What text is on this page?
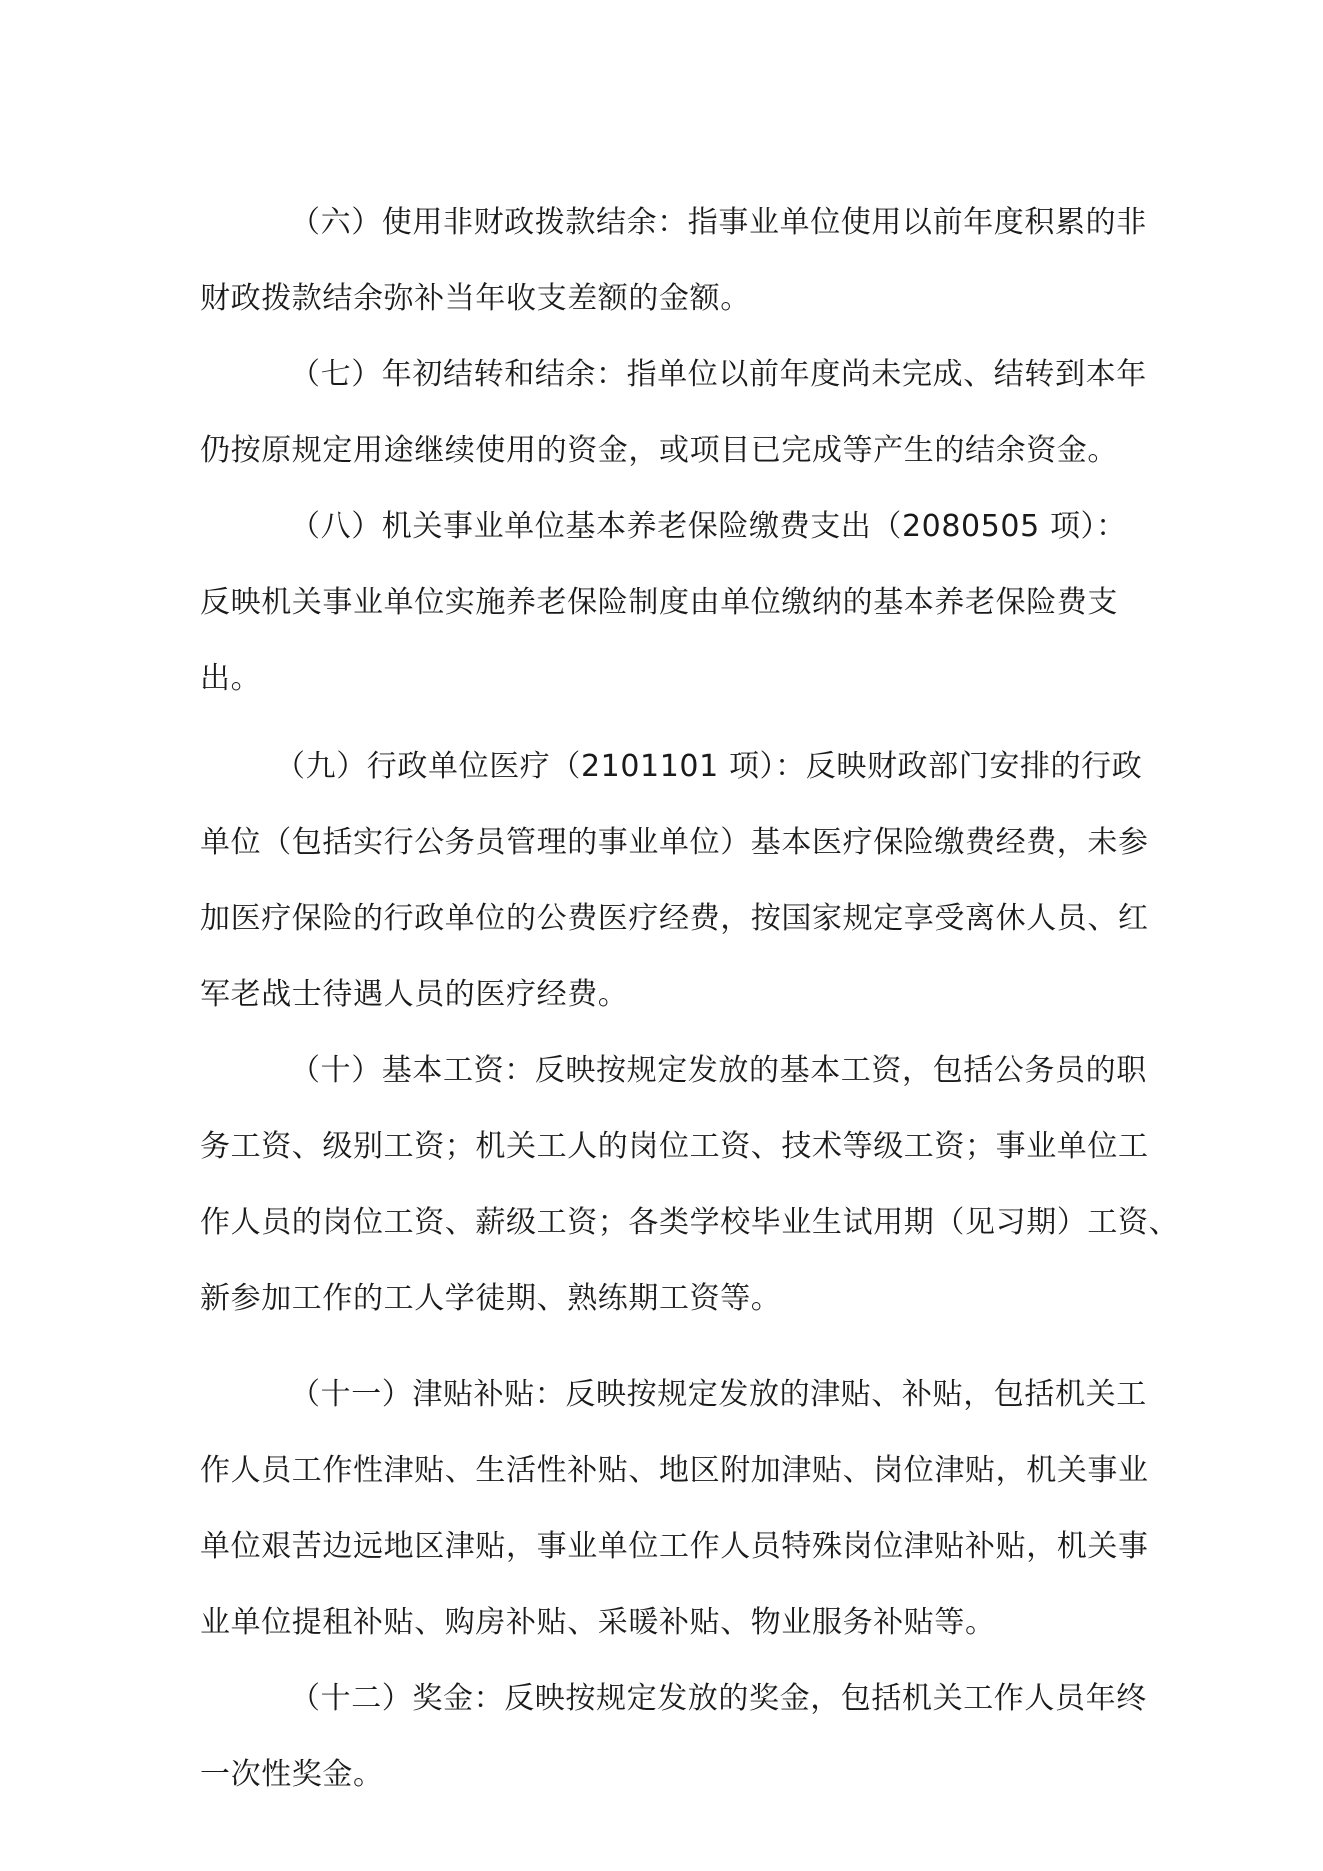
（六）使用非财政拨款结余：指事业单位使用以前年度积累的非
财政拨款结余弥补当年收支差额的金额。

（七）年初结转和结余：指单位以前年度尚未完成、结转到本年
仍按原规定用途继续使用的资金，或项目已完成等产生的结余资金。

（八）机关事业单位基本养老保险缴费支出（2080505 项）：
反映机关事业单位实施养老保险制度由单位缴纳的基本养老保险费支
出。

（九）行政单位医疗（2101101 项）：反映财政部门安排的行政
单位（包括实行公务员管理的事业单位）基本医疗保险缴费经费，未参
加医疗保险的行政单位的公费医疗经费，按国家规定享受离休人员、红
军老战士待遇人员的医疗经费。

（十）基本工资：反映按规定发放的基本工资，包括公务员的职
务工资、级别工资；机关工人的岗位工资、技术等级工资；事业单位工
作人员的岗位工资、薪级工资；各类学校毕业生试用期（见习期）工资、
新参加工作的工人学徒期、熟练期工资等。

（十一）津贴补贴：反映按规定发放的津贴、补贴，包括机关工
作人员工作性津贴、生活性补贴、地区附加津贴、岗位津贴，机关事业
单位艰苦边远地区津贴，事业单位工作人员特殊岗位津贴补贴，机关事
业单位提租补贴、购房补贴、采暖补贴、物业服务补贴等。

（十二）奖金：反映按规定发放的奖金，包括机关工作人员年终
一次性奖金。
